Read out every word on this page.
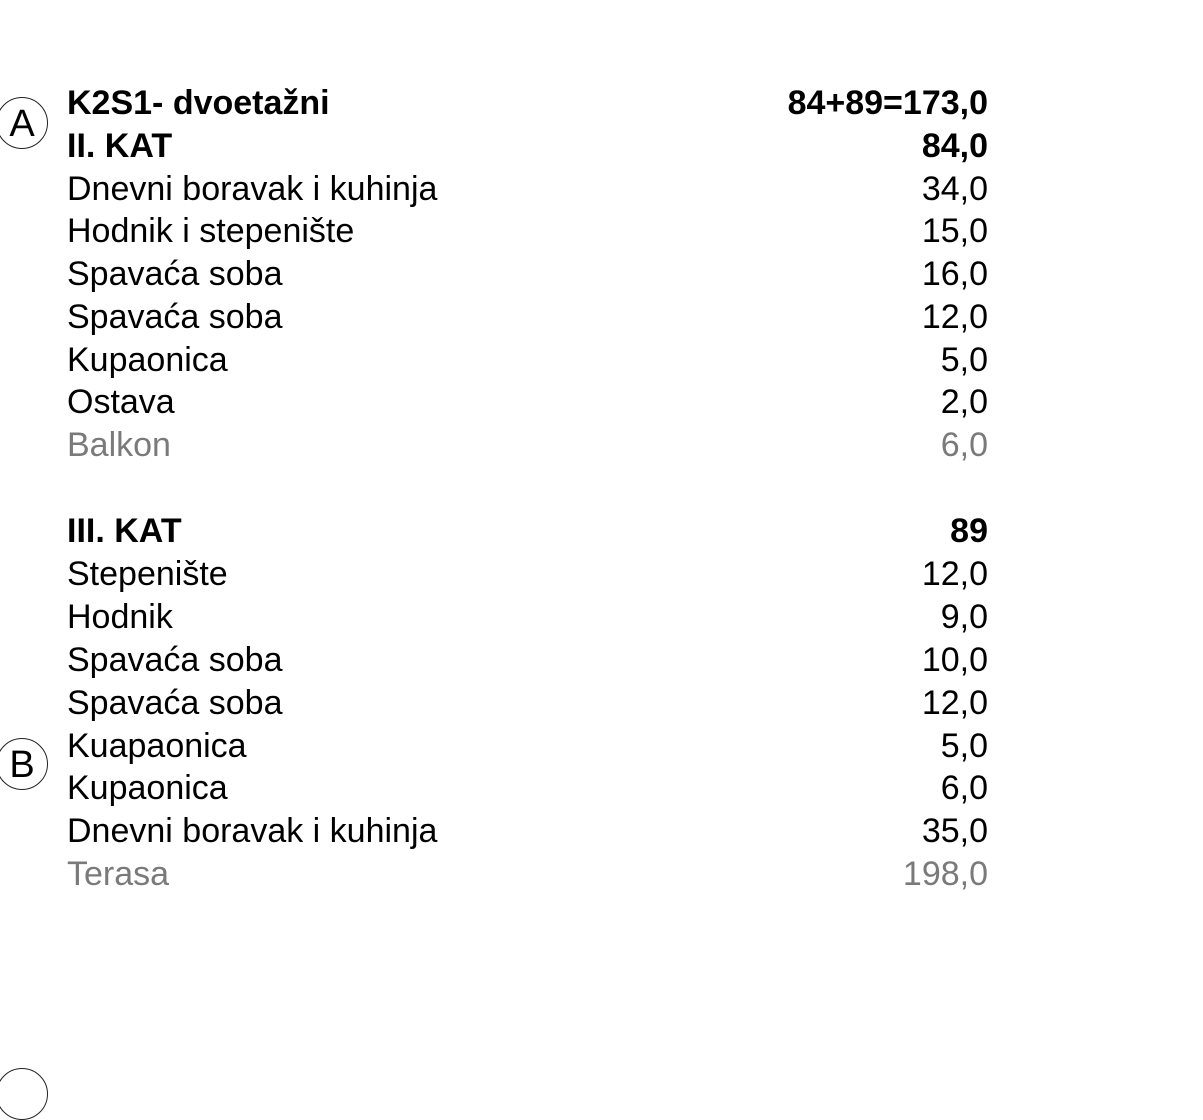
A
B
K2S1- dvoetažni	84+89=173,0
II. KAT	84,0
Dnevni boravak i kuhinja	34,0
Hodnik i stepenište	15,0
Spavaća soba	16,0
Spavaća soba	12,0
Kupaonica	5,0
Ostava	2,0
Balkon	6,0
III. KAT	89
Stepenište	12,0
Hodnik	9,0
Spavaća soba	10,0
Spavaća soba	12,0
Kuapaonica	5,0
Kupaonica	6,0
Dnevni boravak i kuhinja	35,0
Terasa	198,0
